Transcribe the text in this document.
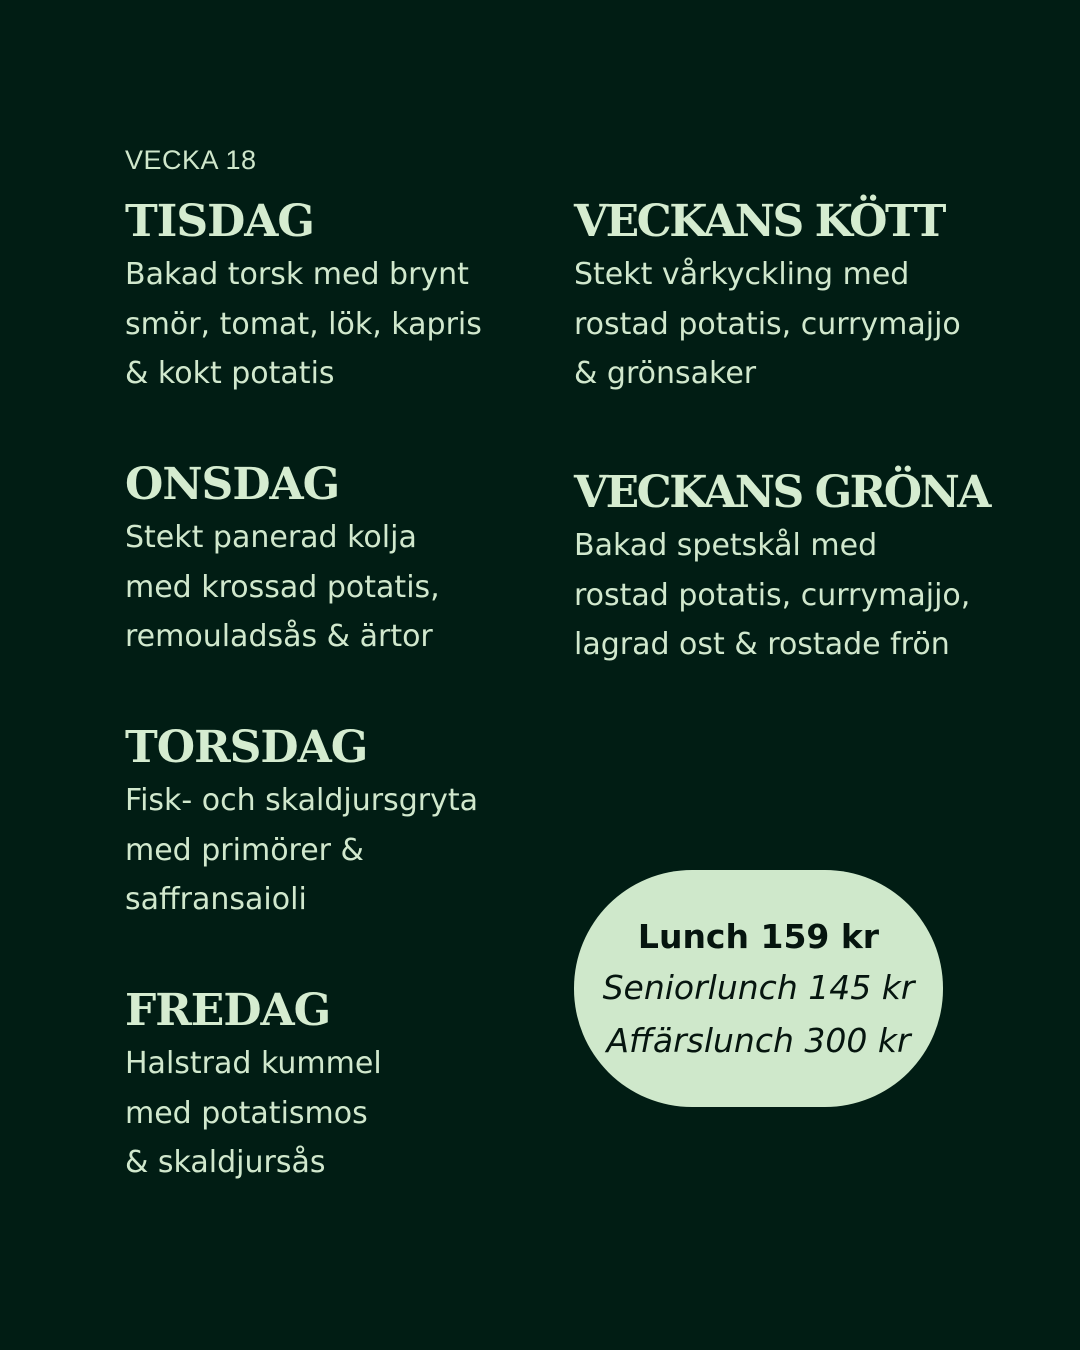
VECKA 18
TISDAG

Bakad torsk med brynt
smör, tomat, lök, kapris
& kokt potatis

ONSDAG

Stekt panerad kolja
med krossad potatis,
remouladsås & ärtor

TORSDAG

Fisk- och skaldjursgryta
med primörer &
saffransaioli

FREDAG

Halstrad kummel
med potatismos
& skaldjursås

VECKANS KÖTT

Stekt vårkyckling med
rostad potatis, currymajjo
& grönsaker

VECKANS GRÖNA

Bakad spetskål med
rostad potatis, currymajjo,
lagrad ost & rostade frön

Lunch 159 kr
Seniorlunch 145 kr
Affärslunch 300 kr
